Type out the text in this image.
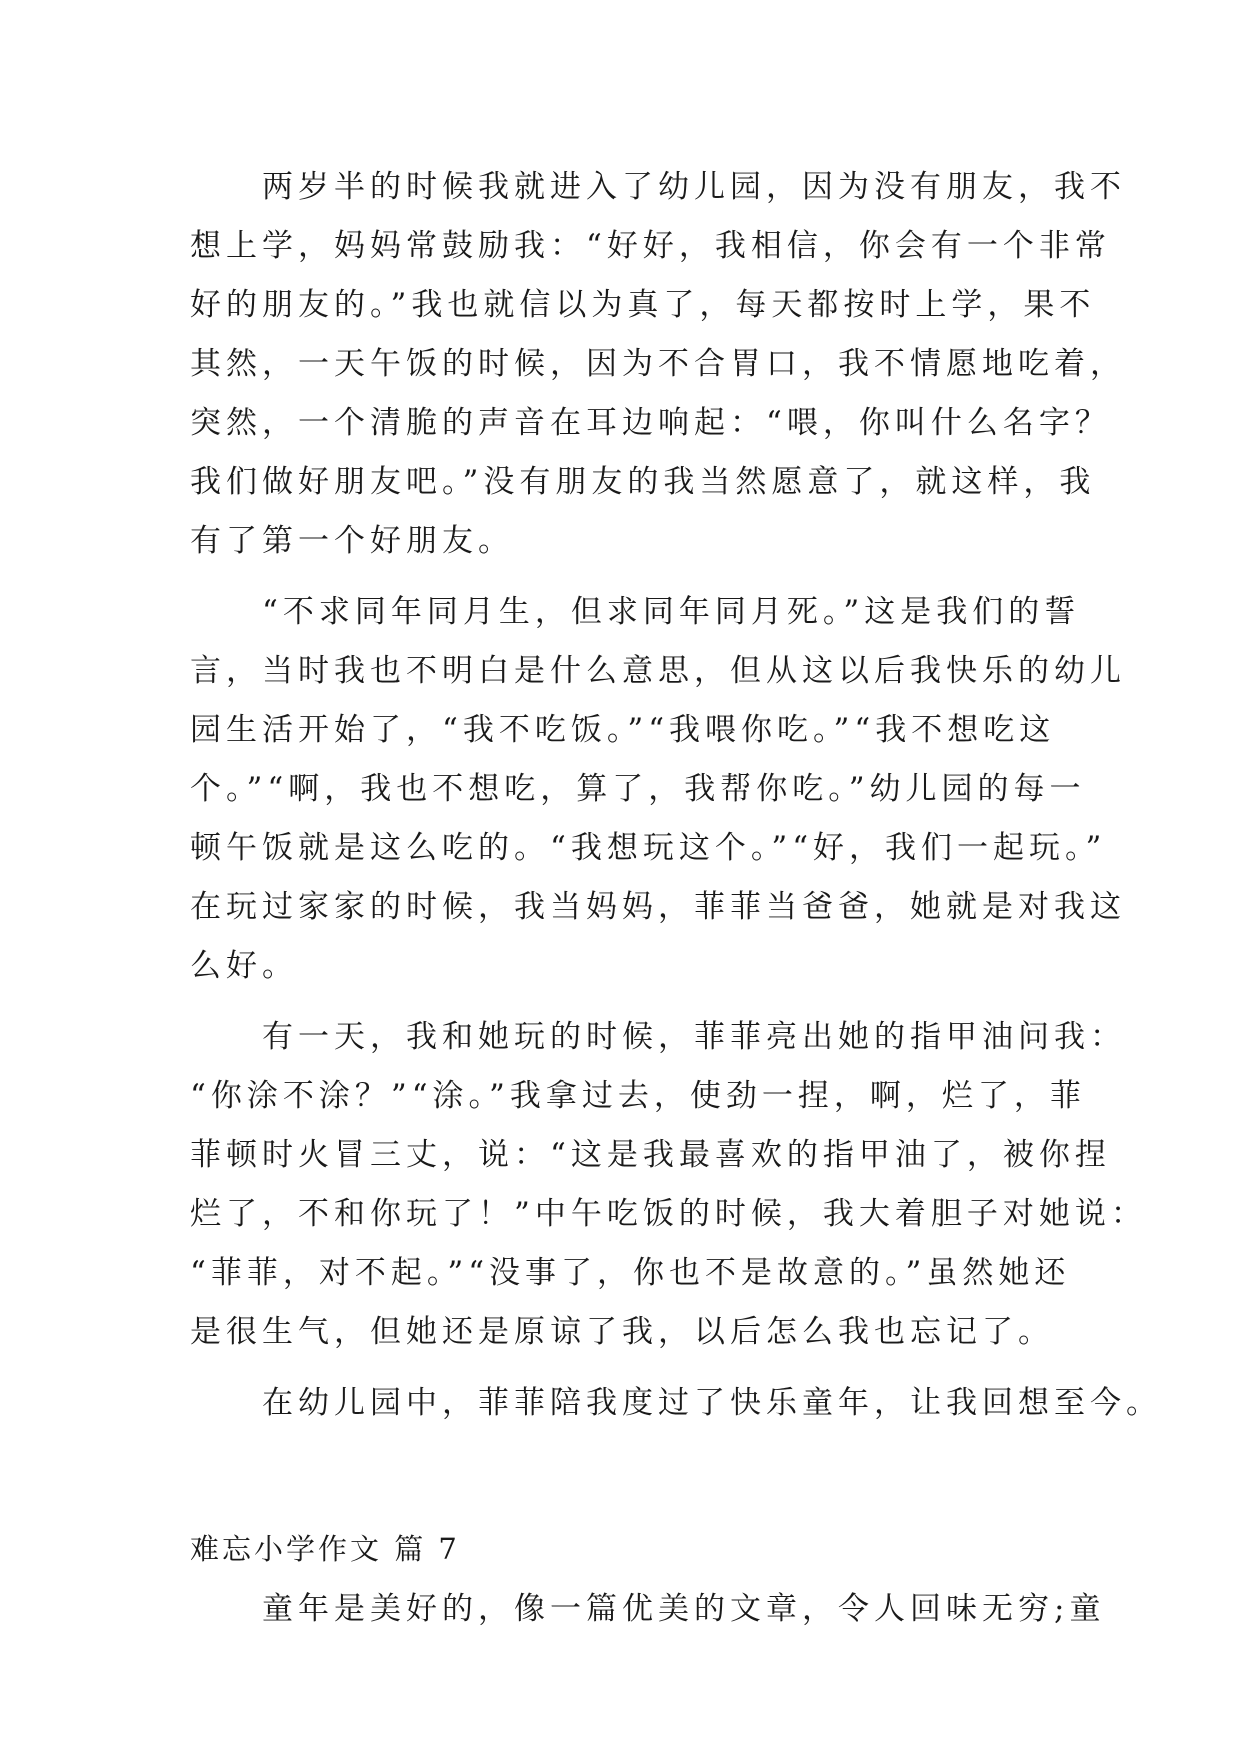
　　两岁半的时候我就进入了幼儿园，因为没有朋友，我不
想上学，妈妈常鼓励我：“好好，我相信，你会有一个非常
好的朋友的。”我也就信以为真了，每天都按时上学，果不
其然，一天午饭的时候，因为不合胃口，我不情愿地吃着，
突然，一个清脆的声音在耳边响起：“喂，你叫什么名字？
我们做好朋友吧。”没有朋友的我当然愿意了，就这样，我
有了第一个好朋友。
　　“不求同年同月生，但求同年同月死。”这是我们的誓
言，当时我也不明白是什么意思，但从这以后我快乐的幼儿
园生活开始了，“我不吃饭。”“我喂你吃。”“我不想吃这
个。”“啊，我也不想吃，算了，我帮你吃。”幼儿园的每一
顿午饭就是这么吃的。“我想玩这个。”“好，我们一起玩。”
在玩过家家的时候，我当妈妈，菲菲当爸爸，她就是对我这
么好。
　　有一天，我和她玩的时候，菲菲亮出她的指甲油问我：
“你涂不涂？”“涂。”我拿过去，使劲一捏，啊，烂了，菲
菲顿时火冒三丈，说：“这是我最喜欢的指甲油了，被你捏
烂了，不和你玩了！”中午吃饭的时候，我大着胆子对她说：
“菲菲，对不起。”“没事了，你也不是故意的。”虽然她还
是很生气，但她还是原谅了我，以后怎么我也忘记了。
　　在幼儿园中，菲菲陪我度过了快乐童年，让我回想至今。
难忘小学作文 篇 7
　　童年是美好的，像一篇优美的文章，令人回味无穷;童
